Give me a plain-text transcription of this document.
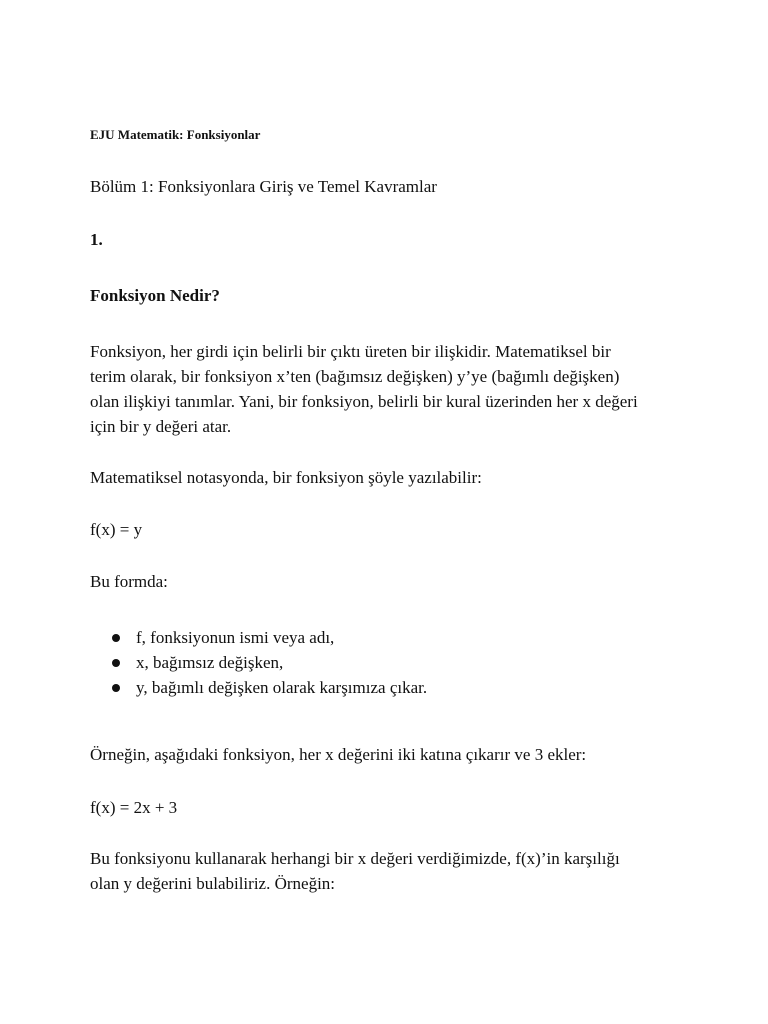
EJU Matematik: Fonksiyonlar

Bölüm 1: Fonksiyonlara Giriş ve Temel Kavramlar

1.

Fonksiyon Nedir?

Fonksiyon, her girdi için belirli bir çıktı üreten bir ilişkidir. Matematiksel bir
terim olarak, bir fonksiyon x’ten (bağımsız değişken) y’ye (bağımlı değişken)
olan ilişkiyi tanımlar. Yani, bir fonksiyon, belirli bir kural üzerinden her x değeri
için bir y değeri atar.

Matematiksel notasyonda, bir fonksiyon şöyle yazılabilir:

f(x) = y

Bu formda:

f, fonksiyonun ismi veya adı,
x, bağımsız değişken,
y, bağımlı değişken olarak karşımıza çıkar.

Örneğin, aşağıdaki fonksiyon, her x değerini iki katına çıkarır ve 3 ekler:

f(x) = 2x + 3

Bu fonksiyonu kullanarak herhangi bir x değeri verdiğimizde, f(x)’in karşılığı
olan y değerini bulabiliriz. Örneğin:
